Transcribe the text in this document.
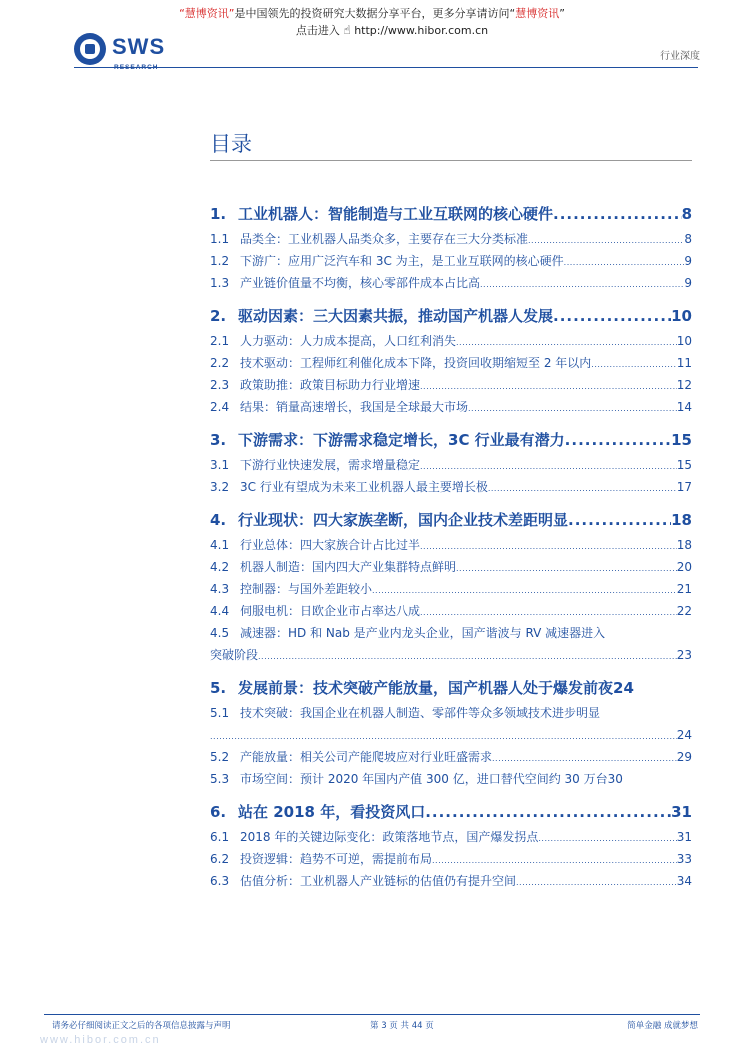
“慧博资讯”是中国领先的投资研究大数据分享平台，更多分享请访问“慧博资讯”
点击进入 ☝ http://www.hibor.com.cn
SWS
RESEARCH
行业深度
目录
1. 工业机器人：智能制造与工业互联网的核心硬件 .....	8
1.1 品类全：工业机器人品类众多，主要存在三大分类标准 .....	8
1.2 下游广：应用广泛汽车和 3C 为主，是工业互联网的核心硬件 .....	9
1.3 产业链价值量不均衡，核心零部件成本占比高 .....	9
2. 驱动因素：三大因素共振，推动国产机器人发展 .....	10
2.1 人力驱动：人力成本提高，人口红利消失 .....	10
2.2 技术驱动：工程师红利催化成本下降，投资回收期缩短至 2 年以内 .....	11
2.3 政策助推：政策目标助力行业增速 .....	12
2.4 结果：销量高速增长，我国是全球最大市场 .....	14
3. 下游需求：下游需求稳定增长，3C 行业最有潜力 .....	15
3.1 下游行业快速发展，需求增量稳定 .....	15
3.2 3C 行业有望成为未来工业机器人最主要增长极 .....	17
4. 行业现状：四大家族垄断，国内企业技术差距明显 .....	18
4.1 行业总体：四大家族合计占比过半 .....	18
4.2 机器人制造：国内四大产业集群特点鲜明 .....	20
4.3 控制器：与国外差距较小 .....	21
4.4 伺服电机：日欧企业市占率达八成 .....	22
4.5 减速器：HD 和 Nab 是产业内龙头企业，国产谐波与 RV 减速器进入
突破阶段 .....	23
5. 发展前景：技术突破产能放量，国产机器人处于爆发前夜 24
5.1 技术突破：我国企业在机器人制造、零部件等众多领域技术进步明显
.....
24
5.2 产能放量：相关公司产能爬坡应对行业旺盛需求 .....	29
5.3 市场空间：预计 2020 年国内产值 300 亿，进口替代空间约 30 万台 30
6. 站在 2018 年，看投资风口 .....	31
6.1 2018 年的关键边际变化：政策落地节点，国产爆发拐点 .....	31
6.2 投资逻辑：趋势不可逆，需提前布局 .....	33
6.3 估值分析：工业机器人产业链标的估值仍有提升空间 .....	34
请务必仔细阅读正文之后的各项信息披露与声明	第 3 页 共 44 页	简单金融 成就梦想
www.hibor.com.cn
